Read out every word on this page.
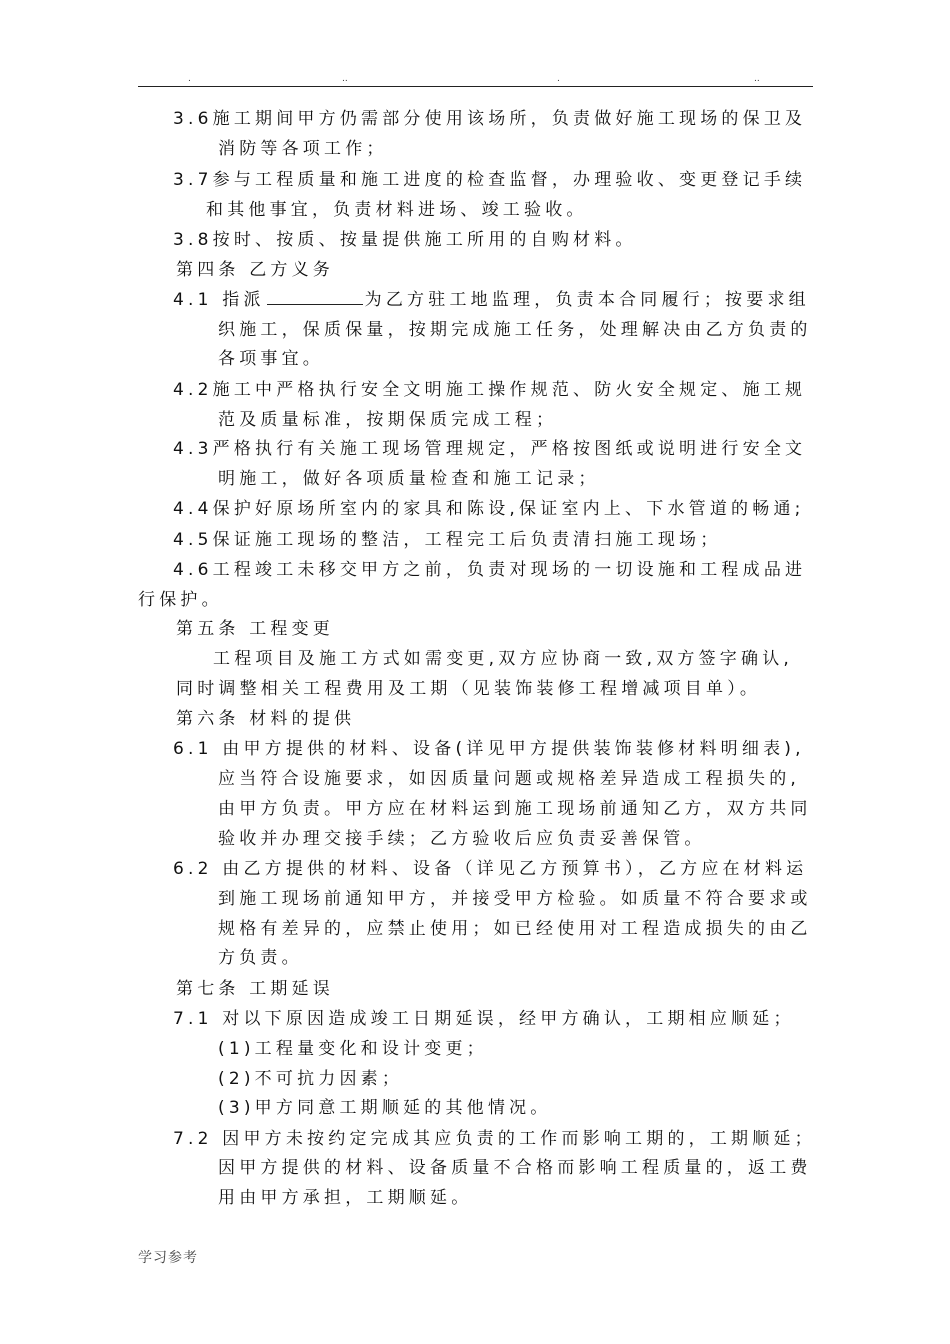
.	..	.	..
3.6施工期间甲方仍需部分使用该场所，负责做好施工现场的保卫及
消防等各项工作；
3.7参与工程质量和施工进度的检查监督，办理验收、变更登记手续
和其他事宜，负责材料进场、竣工验收。
3.8按时、按质、按量提供施工所用的自购材料。
第四条 乙方义务
4.1 指派	为乙方驻工地监理，负责本合同履行；按要求组
织施工，保质保量，按期完成施工任务，处理解决由乙方负责的
各项事宜。
4.2施工中严格执行安全文明施工操作规范、防火安全规定、施工规
范及质量标准，按期保质完成工程；
4.3严格执行有关施工现场管理规定，严格按图纸或说明进行安全文
明施工，做好各项质量检查和施工记录；
4.4保护好原场所室内的家具和陈设,保证室内上、下水管道的畅通;
4.5保证施工现场的整洁，工程完工后负责清扫施工现场；
4.6工程竣工未移交甲方之前，负责对现场的一切设施和工程成品进
行保护。
第五条 工程变更
工程项目及施工方式如需变更,双方应协商一致,双方签字确认,
同时调整相关工程费用及工期（见装饰装修工程增减项目单）。
第六条 材料的提供
6.1 由甲方提供的材料、设备(详见甲方提供装饰装修材料明细表),
应当符合设施要求，如因质量问题或规格差异造成工程损失的,
由甲方负责。甲方应在材料运到施工现场前通知乙方，双方共同
验收并办理交接手续；乙方验收后应负责妥善保管。
6.2 由乙方提供的材料、设备（详见乙方预算书），乙方应在材料运
到施工现场前通知甲方，并接受甲方检验。如质量不符合要求或
规格有差异的，应禁止使用；如已经使用对工程造成损失的由乙
方负责。
第七条 工期延误
7.1 对以下原因造成竣工日期延误，经甲方确认，工期相应顺延；
(1)工程量变化和设计变更；
(2)不可抗力因素；
(3)甲方同意工期顺延的其他情况。
7.2 因甲方未按约定完成其应负责的工作而影响工期的，工期顺延；
因甲方提供的材料、设备质量不合格而影响工程质量的，返工费
用由甲方承担，工期顺延。
学习参考
